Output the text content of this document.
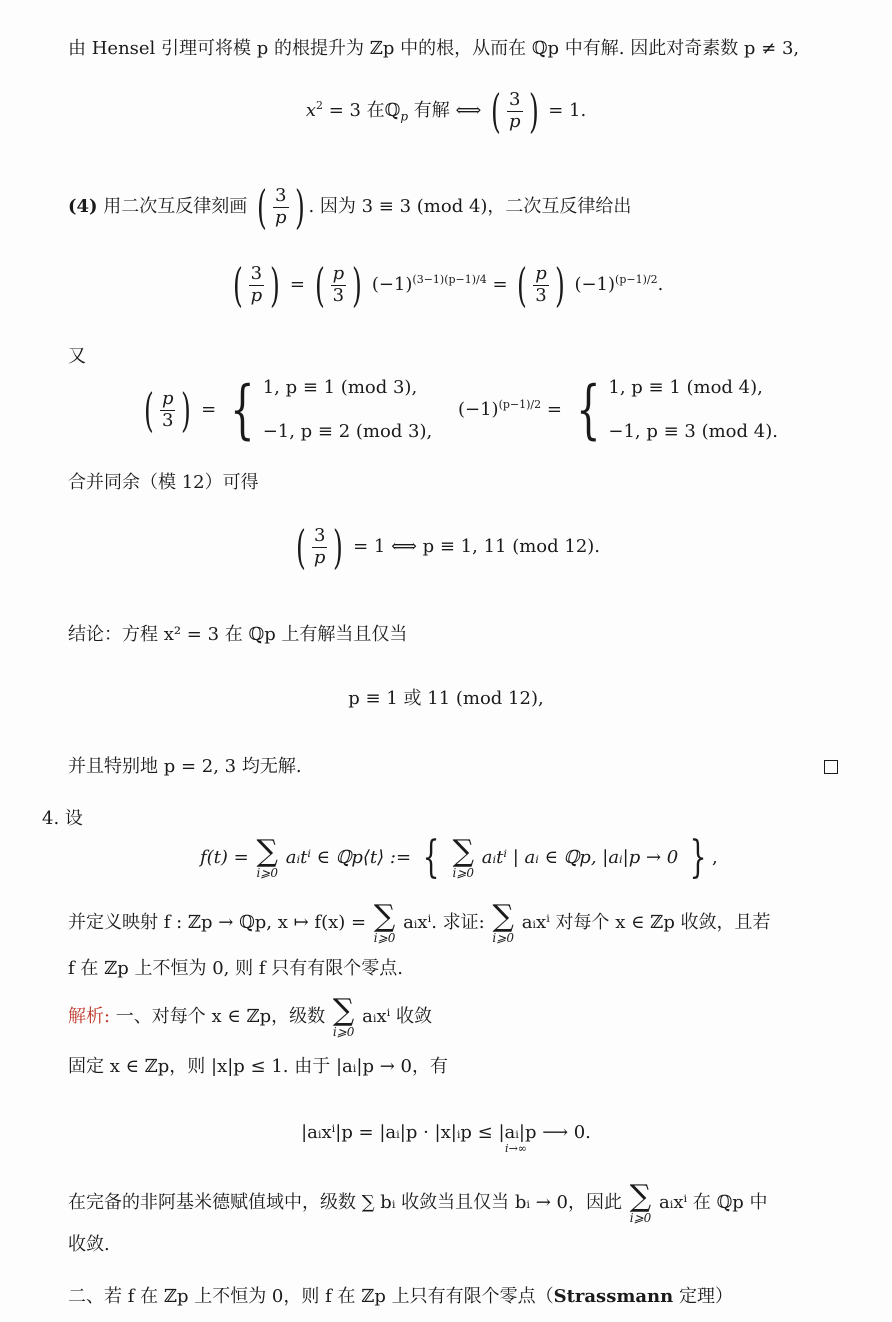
由 Hensel 引理可将模 p 的根提升为 ℤp 中的根，从而在 ℚp 中有解. 因此对奇素数 p ≠ 3,
$x^2 = 3$ 在ℚ$_p$ 有解 ⟺ ( $\frac{3}{p}$ ) = 1.
(4) 用二次互反律刻画 ( $\frac{3}{p}$ ) . 因为 3 ≡ 3 (mod 4)，二次互反律给出
( $\frac{3}{p}$ ) = ( $\frac{p}{3}$ ) $(-1)^{(3-1)(p-1)/4}$ = ( $\frac{p}{3}$ ) $(-1)^{(p-1)/2}$.
又
( $\frac{p}{3}$ ) = { 1, p ≡ 1 (mod 3),
−1, p ≡ 2 (mod 3),
$(-1)^{(p-1)/2}$ = { 1, p ≡ 1 (mod 4),
−1, p ≡ 3 (mod 4).
合并同余（模 12）可得
( $\frac{3}{p}$ ) = 1 ⟺ p ≡ 1, 11 (mod 12).
结论：方程 x² = 3 在 ℚp 上有解当且仅当
p ≡ 1 或 11 (mod 12),
并且特别地 p = 2, 3 均无解.
4. 设
f(t) = ∑
i⩾0
aᵢtⁱ ∈ ℚp⟨t⟩ := { ∑
i⩾0
aᵢtⁱ | aᵢ ∈ ℚp, |aᵢ|p → 0 } ,
并定义映射 f : ℤp → ℚp, x ↦ f(x) = ∑
i⩾0
aᵢxⁱ. 求证: ∑
i⩾0
aᵢxⁱ 对每个 x ∈ ℤp 收敛，且若
f 在 ℤp 上不恒为 0, 则 f 只有有限个零点.
解析: 一、对每个 x ∈ ℤp，级数 ∑
i⩾0
aᵢxⁱ 收敛
固定 x ∈ ℤp，则 |x|p ≤ 1. 由于 |aᵢ|p → 0，有
|aᵢxⁱ|p = |aᵢ|p · |x|ᵢp ≤ |aᵢ|p ⟶ 0.
i→∞
在完备的非阿基米德赋值域中，级数 ∑ bᵢ 收敛当且仅当 bᵢ → 0，因此 ∑
i⩾0
aᵢxⁱ 在 ℚp 中
收敛.
二、若 f 在 ℤp 上不恒为 0，则 f 在 ℤp 上只有有限个零点（Strassmann 定理）
